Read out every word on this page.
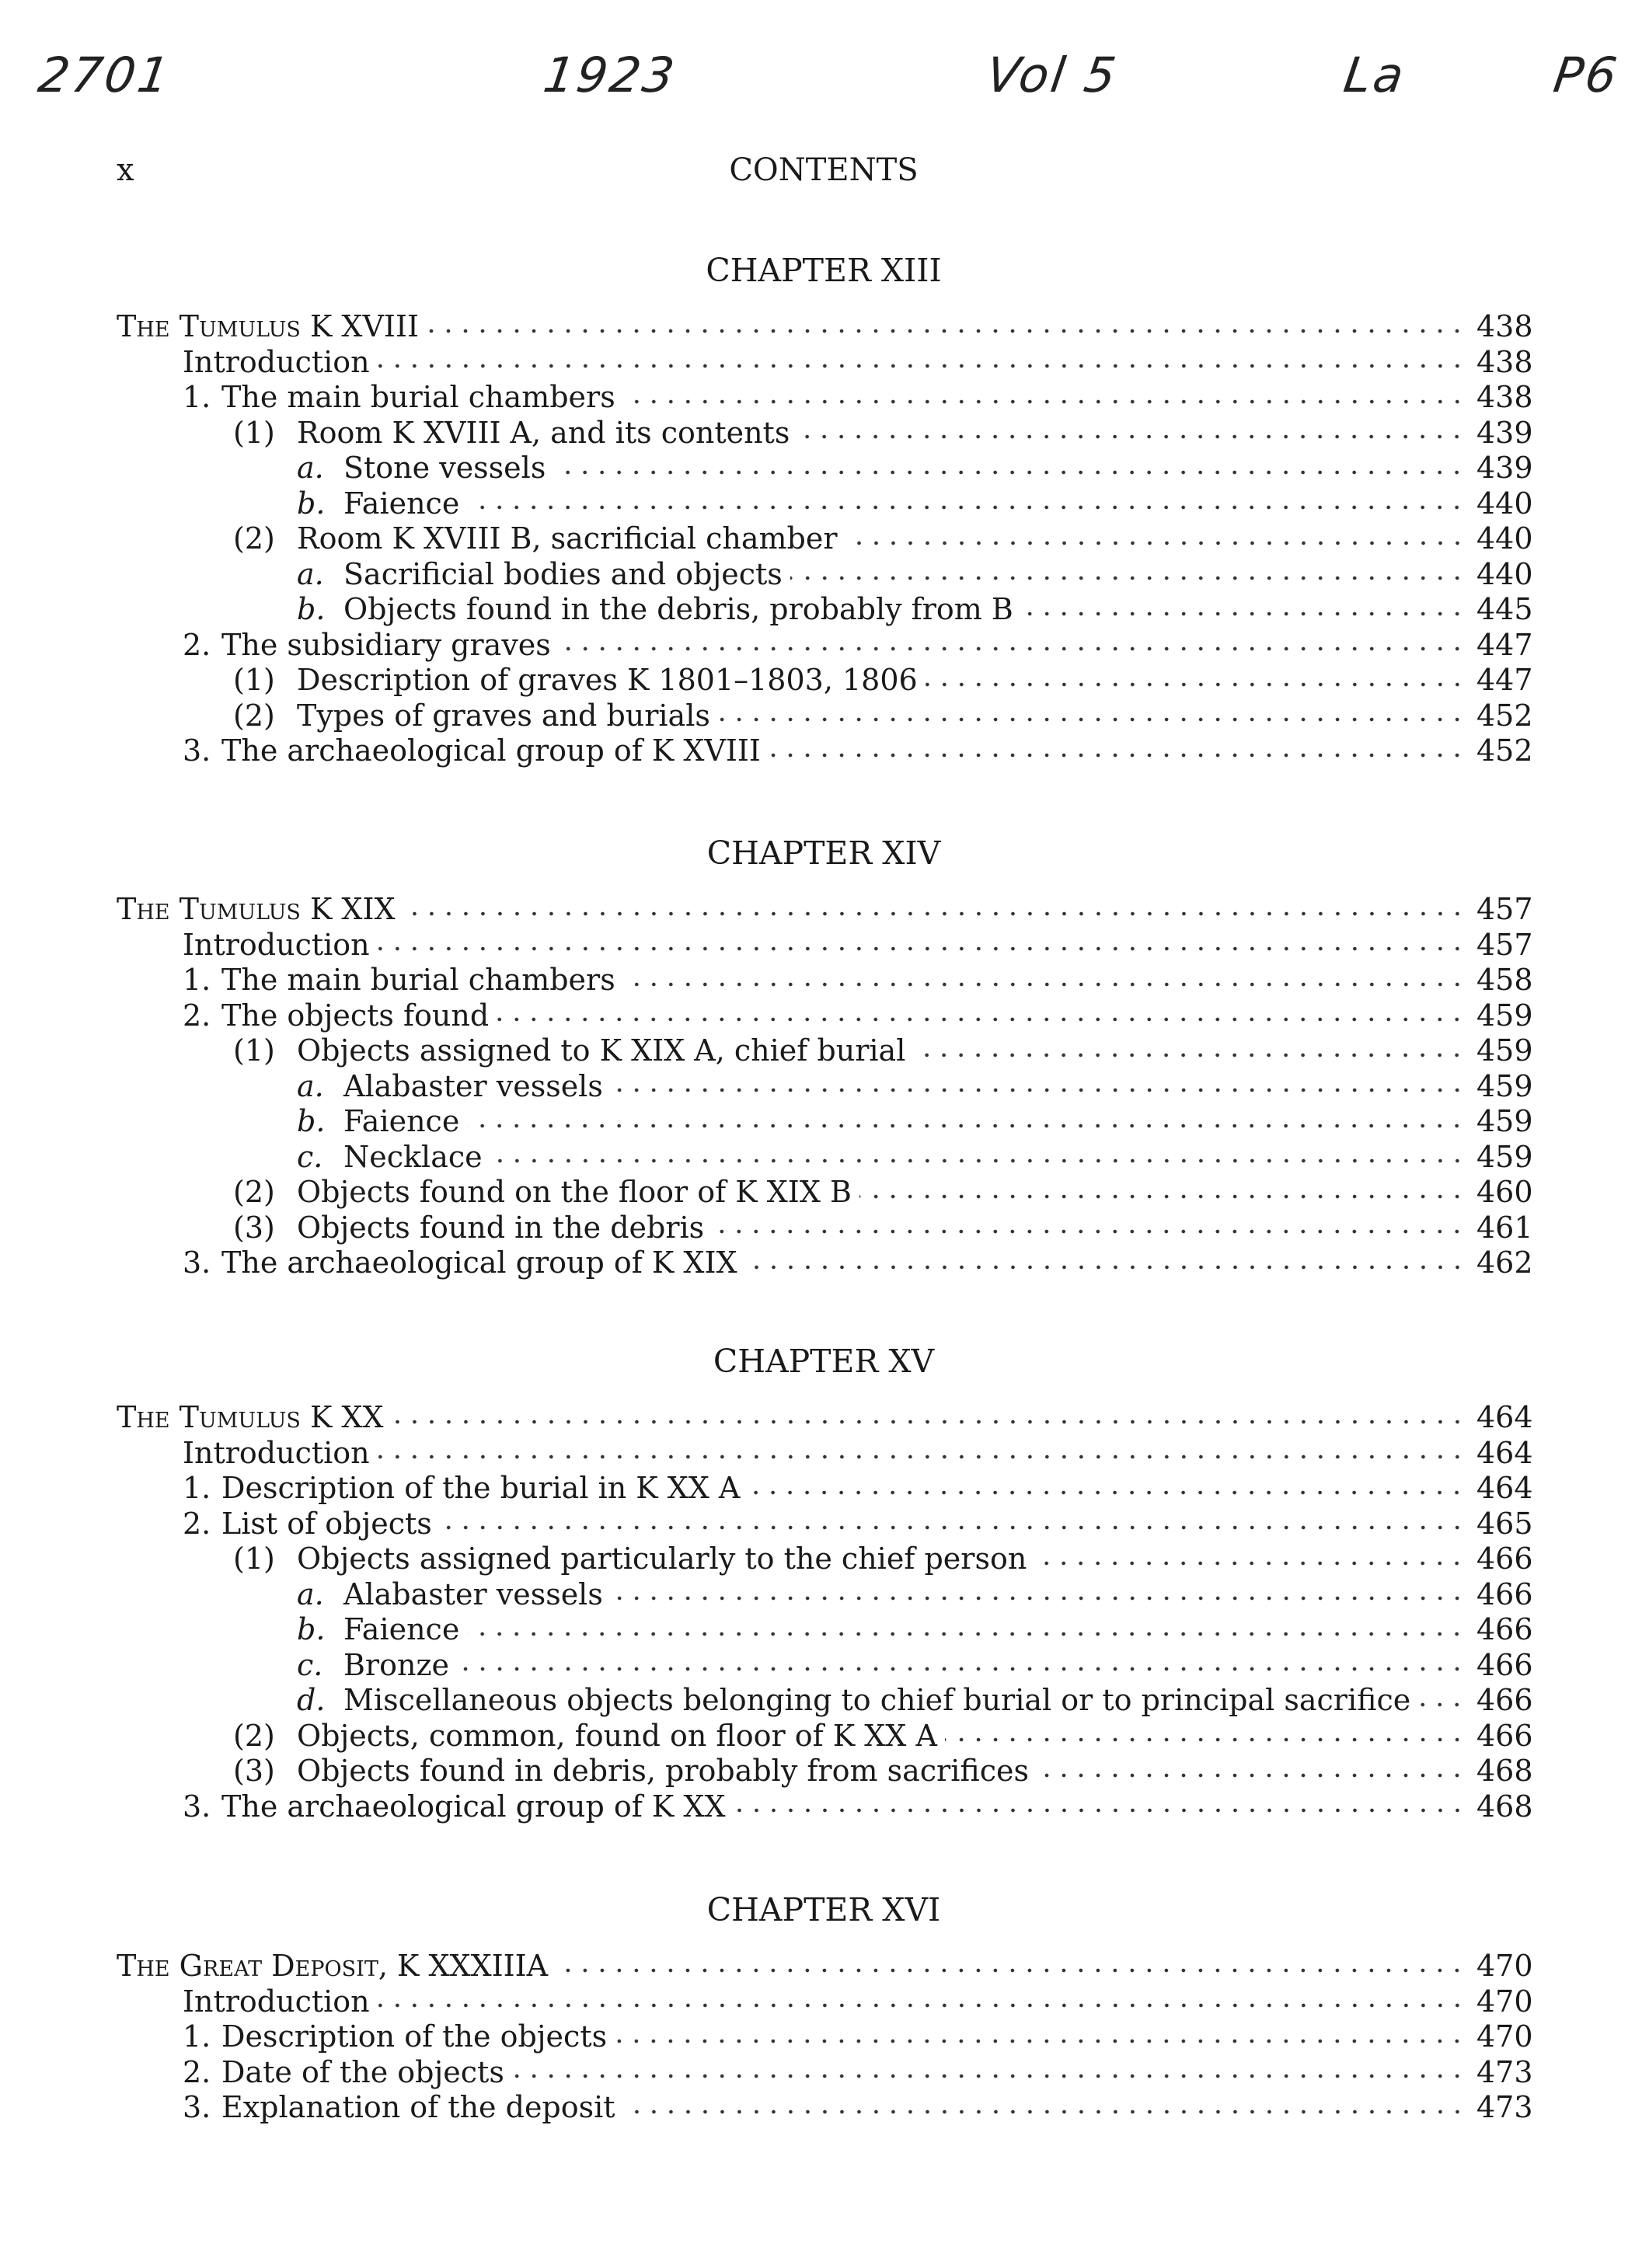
2701	1923	Vol 5	La	P6
x	CONTENTS
CHAPTER XIII
The Tumulus K XVIII	438
Introduction	438
1. The main burial chambers	438
(1) Room K XVIII A, and its contents	439
a. Stone vessels	439
b. Faience	440
(2) Room K XVIII B, sacrificial chamber	440
a. Sacrificial bodies and objects	440
b. Objects found in the debris, probably from B	445
2. The subsidiary graves	447
(1) Description of graves K 1801–1803, 1806	447
(2) Types of graves and burials	452
3. The archaeological group of K XVIII	452
CHAPTER XIV
The Tumulus K XIX	457
Introduction	457
1. The main burial chambers	458
2. The objects found	459
(1) Objects assigned to K XIX A, chief burial	459
a. Alabaster vessels	459
b. Faience	459
c. Necklace	459
(2) Objects found on the floor of K XIX B	460
(3) Objects found in the debris	461
3. The archaeological group of K XIX	462
CHAPTER XV
The Tumulus K XX	464
Introduction	464
1. Description of the burial in K XX A	464
2. List of objects	465
(1) Objects assigned particularly to the chief person	466
a. Alabaster vessels	466
b. Faience	466
c. Bronze	466
d. Miscellaneous objects belonging to chief burial or to principal sacrifice 466
(2) Objects, common, found on floor of K XX A	466
(3) Objects found in debris, probably from sacrifices	468
3. The archaeological group of K XX	468
CHAPTER XVI
The Great Deposit, K XXXIIIA	470
Introduction	470
1. Description of the objects	470
2. Date of the objects	473
3. Explanation of the deposit	473
